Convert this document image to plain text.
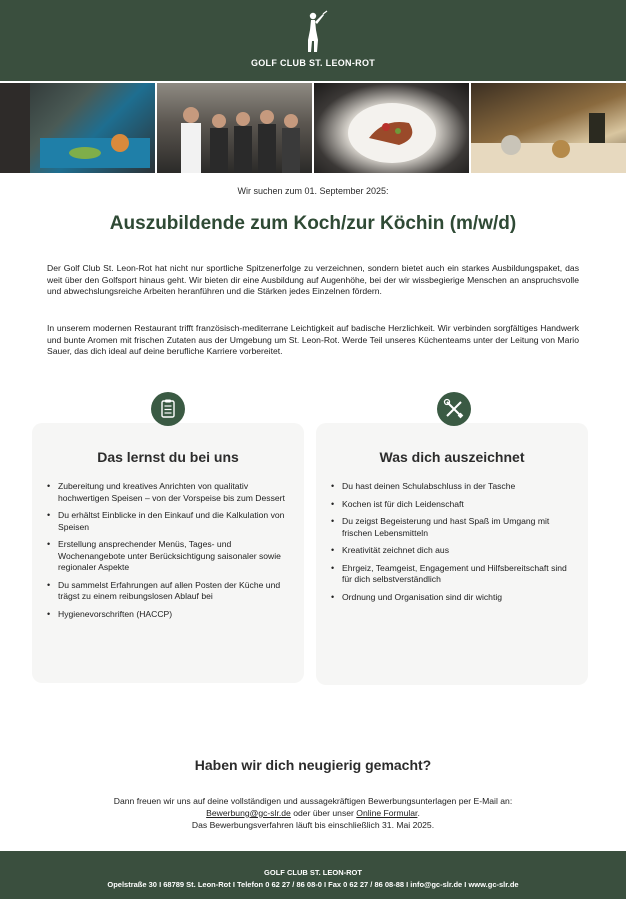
GOLF CLUB ST. LEON-ROT
Wir suchen zum 01. September 2025:
Auszubildende zum Koch/zur Köchin (m/w/d)

Der Golf Club St. Leon-Rot hat nicht nur sportliche Spitzenerfolge zu verzeichnen, sondern bietet auch ein starkes Ausbildungspaket, das weit über den Golfsport hinaus geht. Wir bieten dir eine Ausbildung auf Augenhöhe, bei der wir wissbegierige Menschen an anspruchsvolle und abwechslungsreiche Arbeiten heranführen und die Stärken jedes Einzelnen fördern.

In unserem modernen Restaurant trifft französisch-mediterrane Leichtigkeit auf badische Herzlichkeit. Wir verbinden sorgfältiges Handwerk und bunte Aromen mit frischen Zutaten aus der Umgebung um St. Leon-Rot. Werde Teil unseres Küchenteams unter der Leitung von Mario Sauer, das dich ideal auf deine berufliche Karriere vorbereitet.

Das lernst du bei uns
• Zubereitung und kreatives Anrichten von qualitativ hochwertigen Speisen – von der Vorspeise bis zum Dessert
• Du erhältst Einblicke in den Einkauf und die Kalkulation von Speisen
• Erstellung ansprechender Menüs, Tages- und Wochenangebote unter Berücksichtigung saisonaler sowie regionaler Aspekte
• Du sammelst Erfahrungen auf allen Posten der Küche und trägst zu einem reibungslosen Ablauf bei
• Hygienevorschriften (HACCP)
Was dich auszeichnet
• Du hast deinen Schulabschluss in der Tasche
• Kochen ist für dich Leidenschaft
• Du zeigst Begeisterung und hast Spaß im Umgang mit frischen Lebensmitteln
• Kreativität zeichnet dich aus
• Ehrgeiz, Teamgeist, Engagement und Hilfsbereitschaft sind für dich selbstverständlich
• Ordnung und Organisation sind dir wichtig
Haben wir dich neugierig gemacht?
Dann freuen wir uns auf deine vollständigen und aussagekräftigen Bewerbungsunterlagen per E-Mail an:
Bewerbung@gc-slr.de oder über unser Online Formular.
Das Bewerbungsverfahren läuft bis einschließlich 31. Mai 2025.
GOLF CLUB ST. LEON-ROT
Opelstraße 30 I 68789 St. Leon-Rot I Telefon 0 62 27 / 86 08-0 I Fax 0 62 27 / 86 08-88 I info@gc-slr.de I www.gc-slr.de
